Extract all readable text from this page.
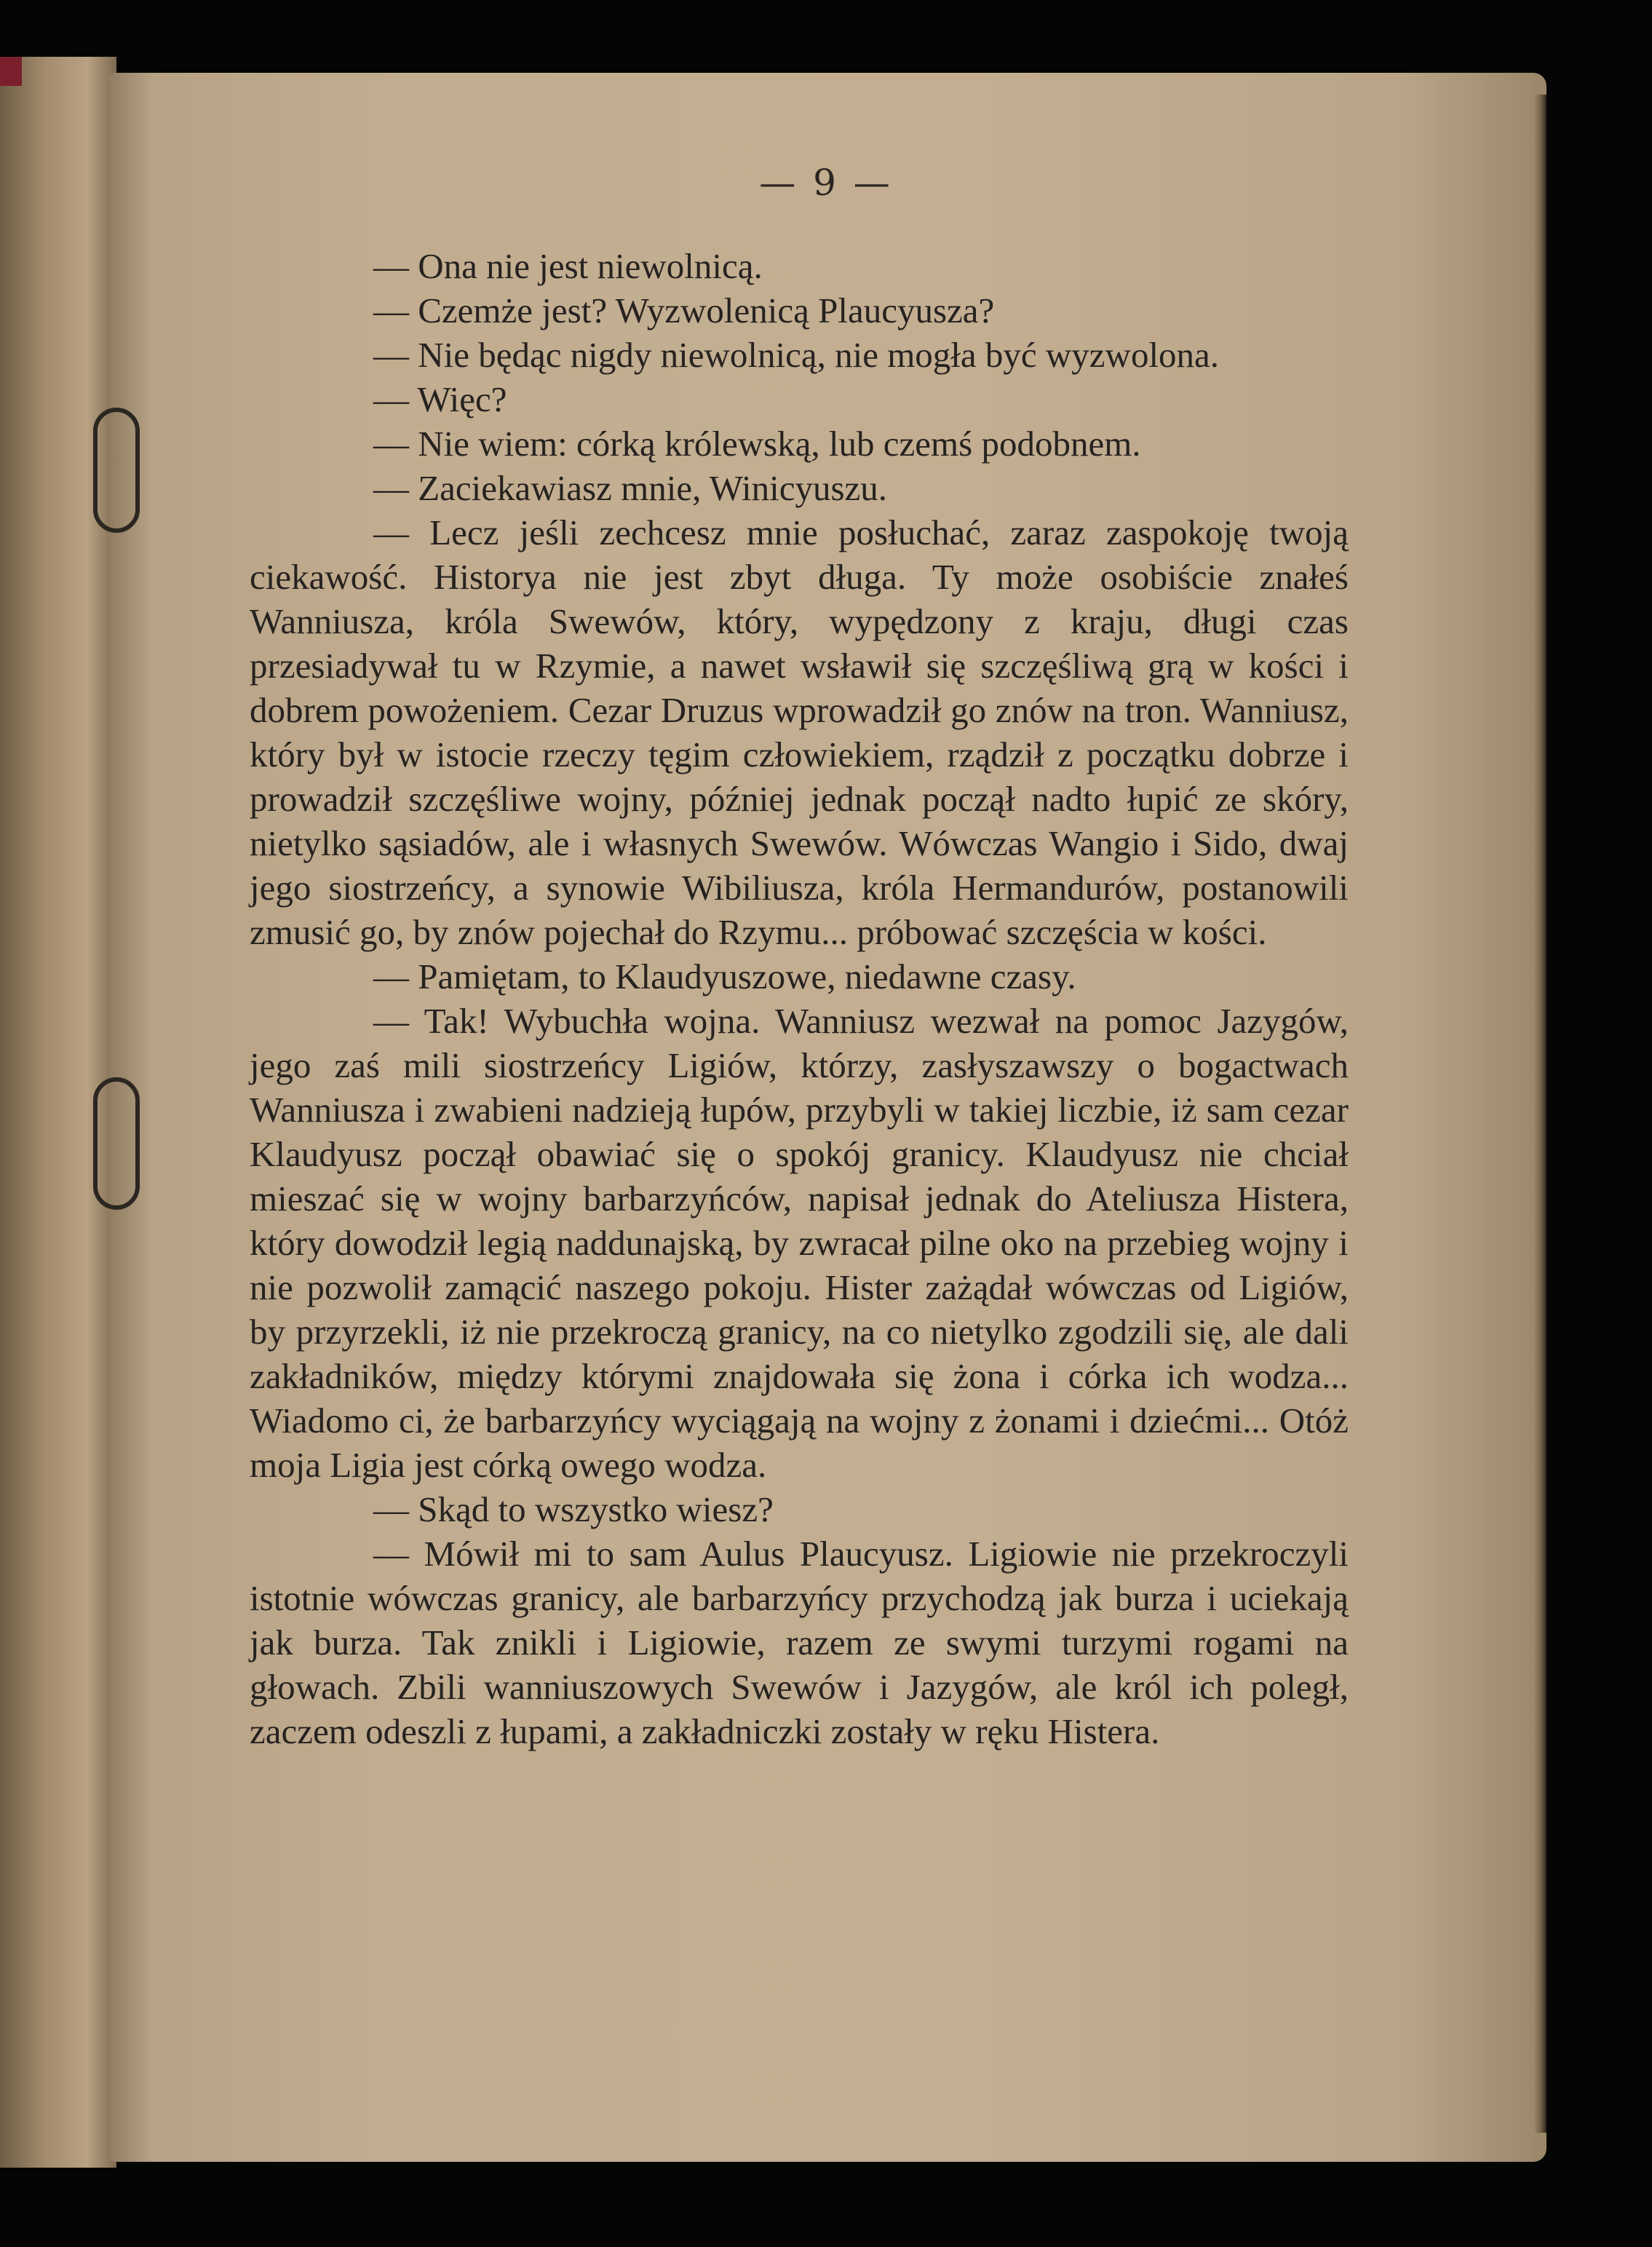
— 9 —

— Ona nie jest niewolnicą.

— Czemże jest? Wyzwolenicą Plaucyusza?

— Nie będąc nigdy niewolnicą, nie mogła być wyzwolona.

— Więc?

— Nie wiem: córką królewską, lub czemś podobnem.

— Zaciekawiasz mnie, Winicyuszu.

— Lecz jeśli zechcesz mnie posłuchać, zaraz zaspokoję twoją ciekawość. Historya nie jest zbyt długa. Ty może osobiście znałeś Wanniusza, króla Swewów, który, wypędzony z kraju, długi czas przesiadywał tu w Rzymie, a nawet wsławił się szczęśliwą grą w kości i dobrem powożeniem. Cezar Druzus wprowadził go znów na tron. Wanniusz, który był w istocie rzeczy tęgim człowiekiem, rządził z początku dobrze i prowadził szczęśliwe wojny, później jednak począł nadto łupić ze skóry, nietylko sąsiadów, ale i własnych Swewów. Wówczas Wangio i Sido, dwaj jego siostrzeńcy, a synowie Wibiliusza, króla Hermandurów, postanowili zmusić go, by znów pojechał do Rzymu... próbować szczęścia w kości.

— Pamiętam, to Klaudyuszowe, niedawne czasy.

— Tak! Wybuchła wojna. Wanniusz wezwał na pomoc Jazygów, jego zaś mili siostrzeńcy Ligiów, którzy, zasłyszawszy o bogactwach Wanniusza i zwabieni nadzieją łupów, przybyli w takiej liczbie, iż sam cezar Klaudyusz począł obawiać się o spokój granicy. Klaudyusz nie chciał mieszać się w wojny barbarzyńców, napisał jednak do Ateliusza Histera, który dowodził legią naddunajską, by zwracał pilne oko na przebieg wojny i nie pozwolił zamącić naszego pokoju. Hister zażądał wówczas od Ligiów, by przyrzekli, iż nie przekroczą granicy, na co nietylko zgodzili się, ale dali zakładników, między którymi znajdowała się żona i córka ich wodza... Wiadomo ci, że barbarzyńcy wyciągają na wojny z żonami i dziećmi... Otóż moja Ligia jest córką owego wodza.

— Skąd to wszystko wiesz?

— Mówił mi to sam Aulus Plaucyusz. Ligiowie nie przekroczyli istotnie wówczas granicy, ale barbarzyńcy przychodzą jak burza i uciekają jak burza. Tak znikli i Ligiowie, razem ze swymi turzymi rogami na głowach. Zbili wanniuszowych Swewów i Jazygów, ale król ich poległ, zaczem odeszli z łupami, a zakładniczki zostały w ręku Histera.
